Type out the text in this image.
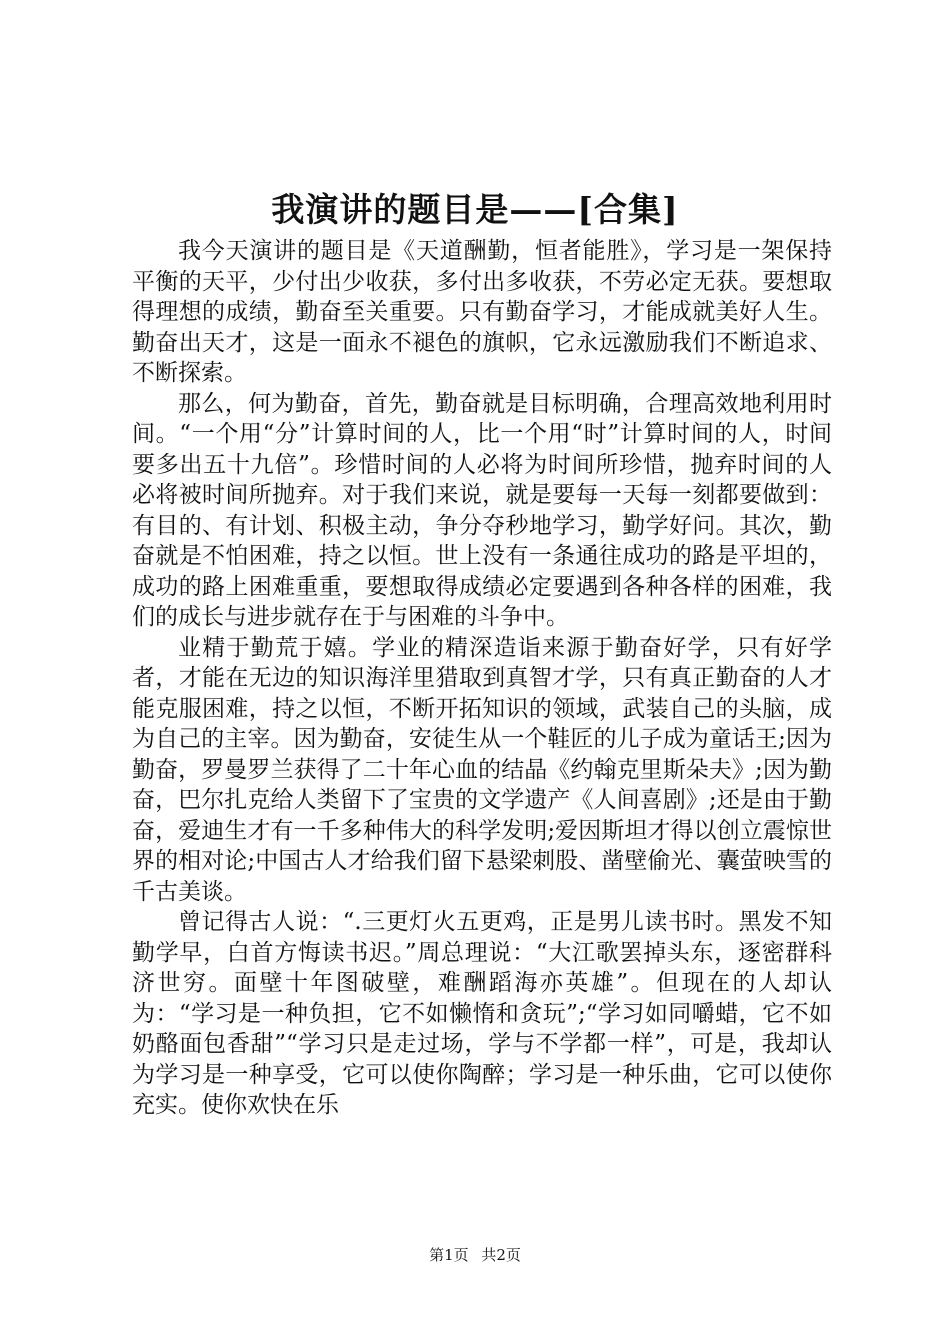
我演讲的题目是——[合集]

我今天演讲的题目是《天道酬勤，恒者能胜》，学习是一架保持平衡的天平，少付出少收获，多付出多收获，不劳必定无获。要想取得理想的成绩，勤奋至关重要。只有勤奋学习，才能成就美好人生。勤奋出天才，这是一面永不褪色的旗帜，它永远激励我们不断追求、不断探索。

那么，何为勤奋，首先，勤奋就是目标明确，合理高效地利用时间。“一个用“分”计算时间的人，比一个用“时”计算时间的人，时间要多出五十九倍”。珍惜时间的人必将为时间所珍惜，抛弃时间的人必将被时间所抛弃。对于我们来说，就是要每一天每一刻都要做到：有目的、有计划、积极主动，争分夺秒地学习，勤学好问。其次，勤奋就是不怕困难，持之以恒。世上没有一条通往成功的路是平坦的，成功的路上困难重重，要想取得成绩必定要遇到各种各样的困难，我们的成长与进步就存在于与困难的斗争中。

业精于勤荒于嬉。学业的精深造诣来源于勤奋好学，只有好学者，才能在无边的知识海洋里猎取到真智才学，只有真正勤奋的人才能克服困难，持之以恒，不断开拓知识的领域，武装自己的头脑，成为自己的主宰。因为勤奋，安徒生从一个鞋匠的儿子成为童话王;因为勤奋，罗曼罗兰获得了二十年心血的结晶《约翰克里斯朵夫》;因为勤奋，巴尔扎克给人类留下了宝贵的文学遗产《人间喜剧》;还是由于勤奋，爱迪生才有一千多种伟大的科学发明;爱因斯坦才得以创立震惊世界的相对论;中国古人才给我们留下悬梁刺股、凿壁偷光、囊萤映雪的千古美谈。

曾记得古人说：“.三更灯火五更鸡，正是男儿读书时。黑发不知勤学早，白首方悔读书迟。”周总理说：“大江歌罢掉头东，逐密群科济世穷。面壁十年图破壁，难酬蹈海亦英雄”。但现在的人却认为：“学习是一种负担，它不如懒惰和贪玩”;“学习如同嚼蜡，它不如奶酪面包香甜”“学习只是走过场，学与不学都一样”，可是，我却认为学习是一种享受，它可以使你陶醉；学习是一种乐曲，它可以使你充实。使你欢快在乐

第1页 共2页
